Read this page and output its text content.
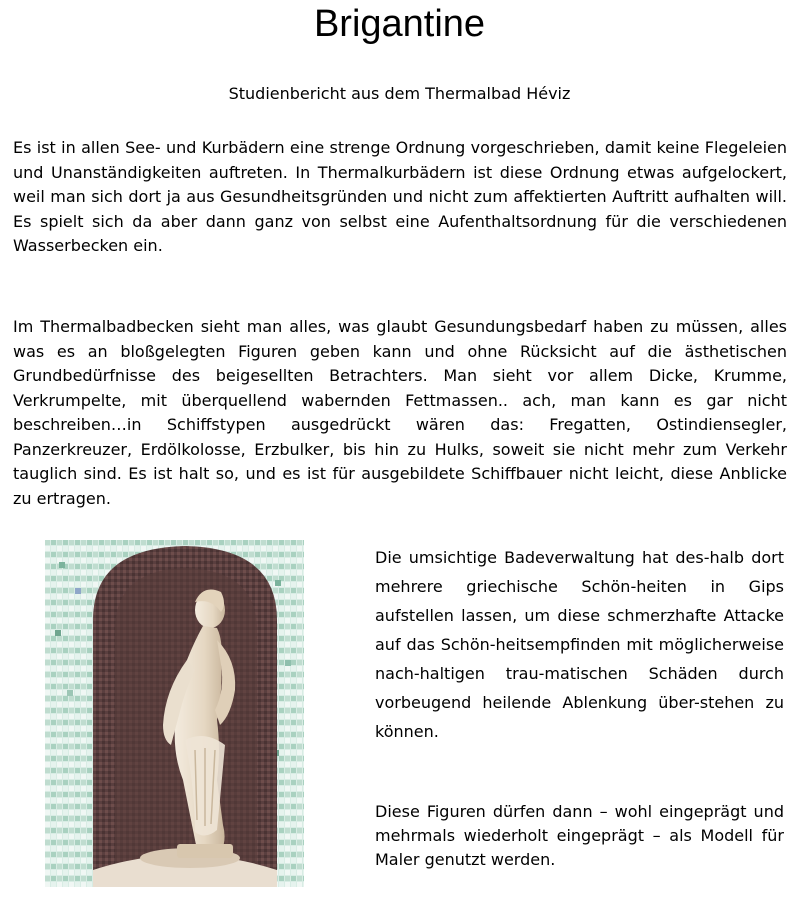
Brigantine
Studienbericht aus dem Thermalbad Héviz

Es ist in allen See- und Kurbädern eine strenge Ordnung vorgeschrieben, damit keine Flegeleien und Unanständigkeiten auftreten. In Thermalkurbädern ist diese Ordnung etwas aufgelockert, weil man sich dort ja aus Gesundheitsgründen und nicht zum affektierten Auftritt aufhalten will. Es spielt sich da aber dann ganz von selbst eine Aufenthaltsordnung für die verschiedenen Wasserbecken ein.

Im Thermalbadbecken sieht man alles, was glaubt Gesundungsbedarf haben zu müssen, alles was es an bloßgelegten Figuren geben kann und ohne Rücksicht auf die ästhetischen Grundbedürfnisse des beigesellten Betrachters. Man sieht vor allem Dicke, Krumme, Verkrumpelte, mit überquellend wabernden Fettmassen.. ach, man kann es gar nicht beschreiben…in Schiffstypen ausgedrückt wären das: Fregatten, Ostindiensegler, Panzerkreuzer, Erdölkolosse, Erzbulker, bis hin zu Hulks, soweit sie nicht mehr zum Verkehr tauglich sind. Es ist halt so, und es ist für ausgebildete Schiffbauer nicht leicht, diese Anblicke zu ertragen.

Die umsichtige Badeverwaltung hat des-halb dort mehrere griechische Schön-heiten in Gips aufstellen lassen, um diese schmerzhafte Attacke auf das Schön-heitsempfinden mit möglicherweise nach-haltigen trau-matischen Schäden durch vorbeugend heilende Ablenkung über-stehen zu können.

Diese Figuren dürfen dann – wohl eingeprägt und mehrmals wiederholt eingeprägt – als Modell für Maler genutzt werden.
